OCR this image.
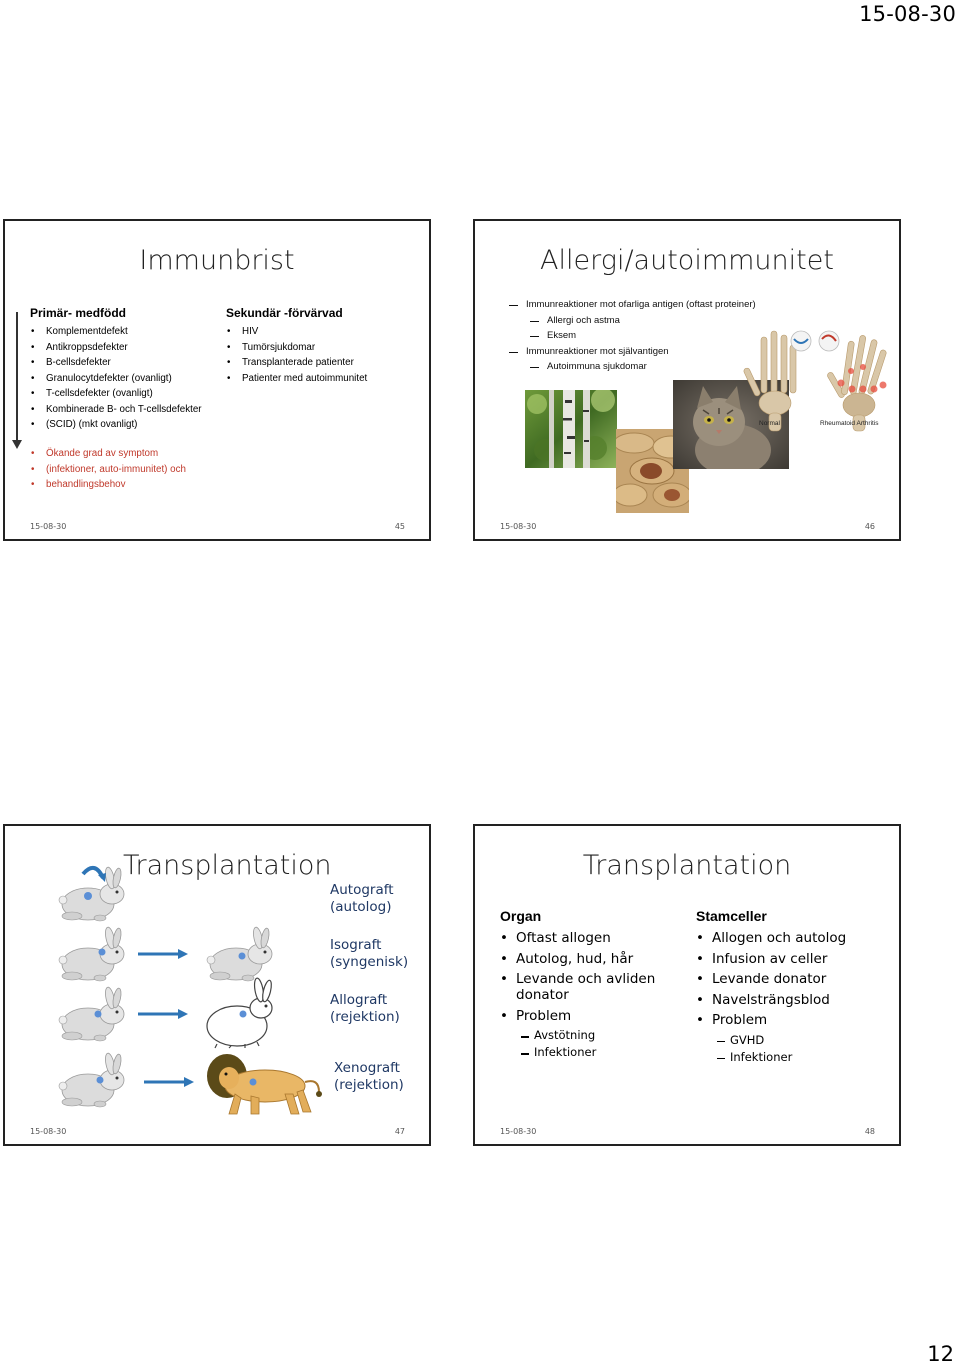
15-08-30
Immunbrist
Primär- medfödd
• Komplementdefekt
• Antikroppsdefekter
• B-cellsdefekter
• Granulocytdefekter (ovanligt)
• T-cellsdefekter (ovanligt)
• Kombinerade B- och T-cellsdefekter
• (SCID) (mkt ovanligt)
Sekundär -förvärvad
• HIV
• Tumörsjukdomar
• Transplanterade patienter
• Patienter med autoimmunitet
• Ökande grad av symptom
• (infektioner, auto-immunitet) och
• behandlingsbehov
15-08-30	45
Allergi/autoimmunitet
Immunreaktioner mot ofarliga antigen (oftast proteiner)
Allergi och astma
Eksem
Immunreaktioner mot självantigen
Autoimmuna sjukdomar
Normal	Rheumatoid Arthritis
15-08-30	46
Transplantation
Autograft
(autolog)
Isograft
(syngenisk)
Allograft
(rejektion)
Xenograft
(rejektion)
15-08-30	47
Transplantation
Organ
• Oftast allogen
• Autolog, hud, hår
• Levande och avliden donator
• Problem
Avstötning
Infektioner
Stamceller
• Allogen och autolog
• Infusion av celler
• Levande donator
• Navelsträngsblod
• Problem
GVHD
Infektioner
15-08-30	48
12
